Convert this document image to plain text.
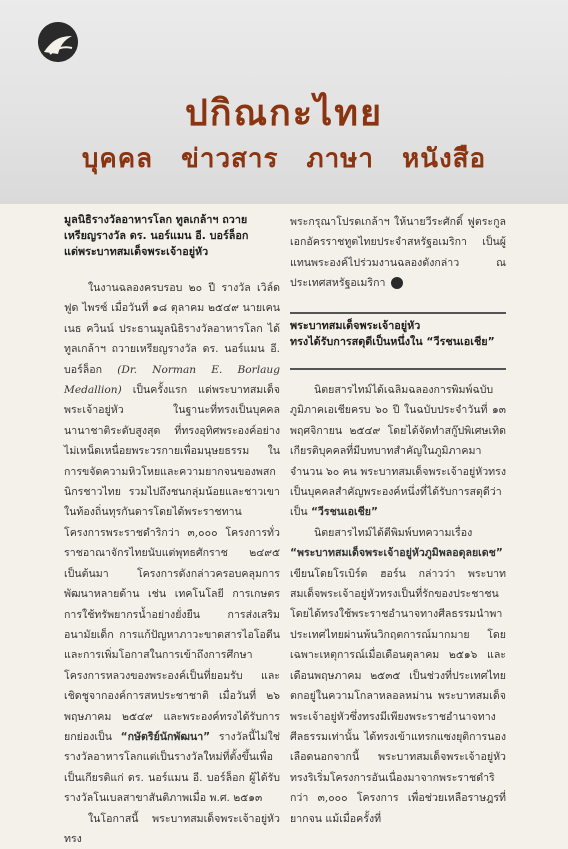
ปกิณกะไทย
บุคคล ข่าวสาร ภาษา หนังสือ
มูลนิธิรางวัลอาหารโลก ทูลเกล้าฯ ถวาย
เหรียญรางวัล ดร. นอร์แมน อี. บอร์ล็อก
แด่พระบาทสมเด็จพระเจ้าอยู่หัว

ในงานฉลองครบรอบ ๒๐ ปี รางวัล เวิล์ดฟูด ไพรซ์ เมื่อวันที่ ๑๘ ตุลาคม ๒๕๔๙ นายเคนเนธ ควินน์ ประธานมูลนิธิรางวัลอาหารโลก ได้ทูลเกล้าฯ ถวายเหรียญรางวัล ดร. นอร์แมน อี. บอร์ล็อก (Dr. Norman E. Borlaug Medallion) เป็นครั้งแรก แด่พระบาทสมเด็จพระเจ้าอยู่หัว ในฐานะที่ทรงเป็นบุคคลนานาชาติระดับสูงสุด ที่ทรงอุทิศพระองค์อย่างไม่เหน็ดเหนื่อยพระวรกายเพื่อมนุษยธรรม ในการขจัดความหิวโหยและความยากจนของพสกนิกรชาวไทย รวมไปถึงชนกลุ่มน้อยและชาวเขาในท้องถิ่นทุรกันดารโดยได้พระราชทานโครงการพระราชดำริกว่า ๓,๐๐๐ โครงการทั่วราชอาณาจักรไทยนับแต่พุทธศักราช ๒๔๙๕ เป็นต้นมา โครงการดังกล่าวครอบคลุมการพัฒนาหลายด้าน เช่น เทคโนโลยี การเกษตร การใช้ทรัพยากรน้ำอย่างยั่งยืน การส่งเสริมอนามัยเด็ก การแก้ปัญหาภาวะขาดสารไอโอดีน และการเพิ่มโอกาสในการเข้าถึงการศึกษา โครงการหลวงของพระองค์เป็นที่ยอมรับ และเชิดชูจากองค์การสหประชาชาติ เมื่อวันที่ ๒๖ พฤษภาคม ๒๕๔๙ และพระองค์ทรงได้รับการยกย่องเป็น “กษัตริย์นักพัฒนา” รางวัลนี้ไม่ใช่รางวัลอาหารโลกแต่เป็นรางวัลใหม่ที่ตั้งขึ้นเพื่อเป็นเกียรติแก่ ดร. นอร์แมน อี. บอร์ล็อก ผู้ได้รับรางวัลโนเบลสาขาสันติภาพเมื่อ พ.ศ. ๒๕๑๓

ในโอกาสนี้ พระบาทสมเด็จพระเจ้าอยู่หัว ทรง

พระกรุณาโปรดเกล้าฯ ให้นายวีระศักดิ์ ฟูตระกูล เอกอัครราชทูตไทยประจำสหรัฐอเมริกา เป็นผู้แทนพระองค์ไปร่วมงานฉลองดังกล่าว ณ ประเทศสหรัฐอเมริกา
พระบาทสมเด็จพระเจ้าอยู่หัว
ทรงได้รับการสดุดีเป็นหนึ่งใน “วีรชนเอเชีย”

นิตยสารไทม์ได้เฉลิมฉลองการพิมพ์ฉบับภูมิภาคเอเชียครบ ๖๐ ปี ในฉบับประจำวันที่ ๑๓ พฤศจิกายน ๒๕๔๙ โดยได้จัดทำสกู๊ปพิเศษเทิดเกียรติบุคคลที่มีบทบาทสำคัญในภูมิภาคมาจำนวน ๖๐ คน พระบาทสมเด็จพระเจ้าอยู่หัวทรงเป็นบุคคลสำคัญพระองค์หนึ่งที่ได้รับการสดุดีว่าเป็น “วีรชนเอเชีย”

นิตยสารไทม์ได้ตีพิมพ์บทความเรื่อง “พระบาทสมเด็จพระเจ้าอยู่หัวภูมิพลอดุลยเดช” เขียนโดยโรเบิร์ต ฮอร์น กล่าวว่า พระบาทสมเด็จพระเจ้าอยู่หัวทรงเป็นที่รักของประชาชน โดยได้ทรงใช้พระราชอำนาจทางศีลธรรมนำพาประเทศไทยผ่านพ้นวิกฤตการณ์มากมาย โดยเฉพาะเหตุการณ์เมื่อเดือนตุลาคม ๒๕๑๖ และเดือนพฤษภาคม ๒๕๓๕ เป็นช่วงที่ประเทศไทยตกอยู่ในความโกลาหลอลหม่าน พระบาทสมเด็จพระเจ้าอยู่หัวซึ่งทรงมีเพียงพระราชอำนาจทางศีลธรรมเท่านั้น ได้ทรงเข้าแทรกแซงยุติการนองเลือดนอกจากนี้ พระบาทสมเด็จพระเจ้าอยู่หัวทรงริเริ่มโครงการอันเนื่องมาจากพระราชดำริกว่า ๓,๐๐๐ โครงการ เพื่อช่วยเหลือราษฎรที่ยากจน แม้เมื่อครั้งที่
